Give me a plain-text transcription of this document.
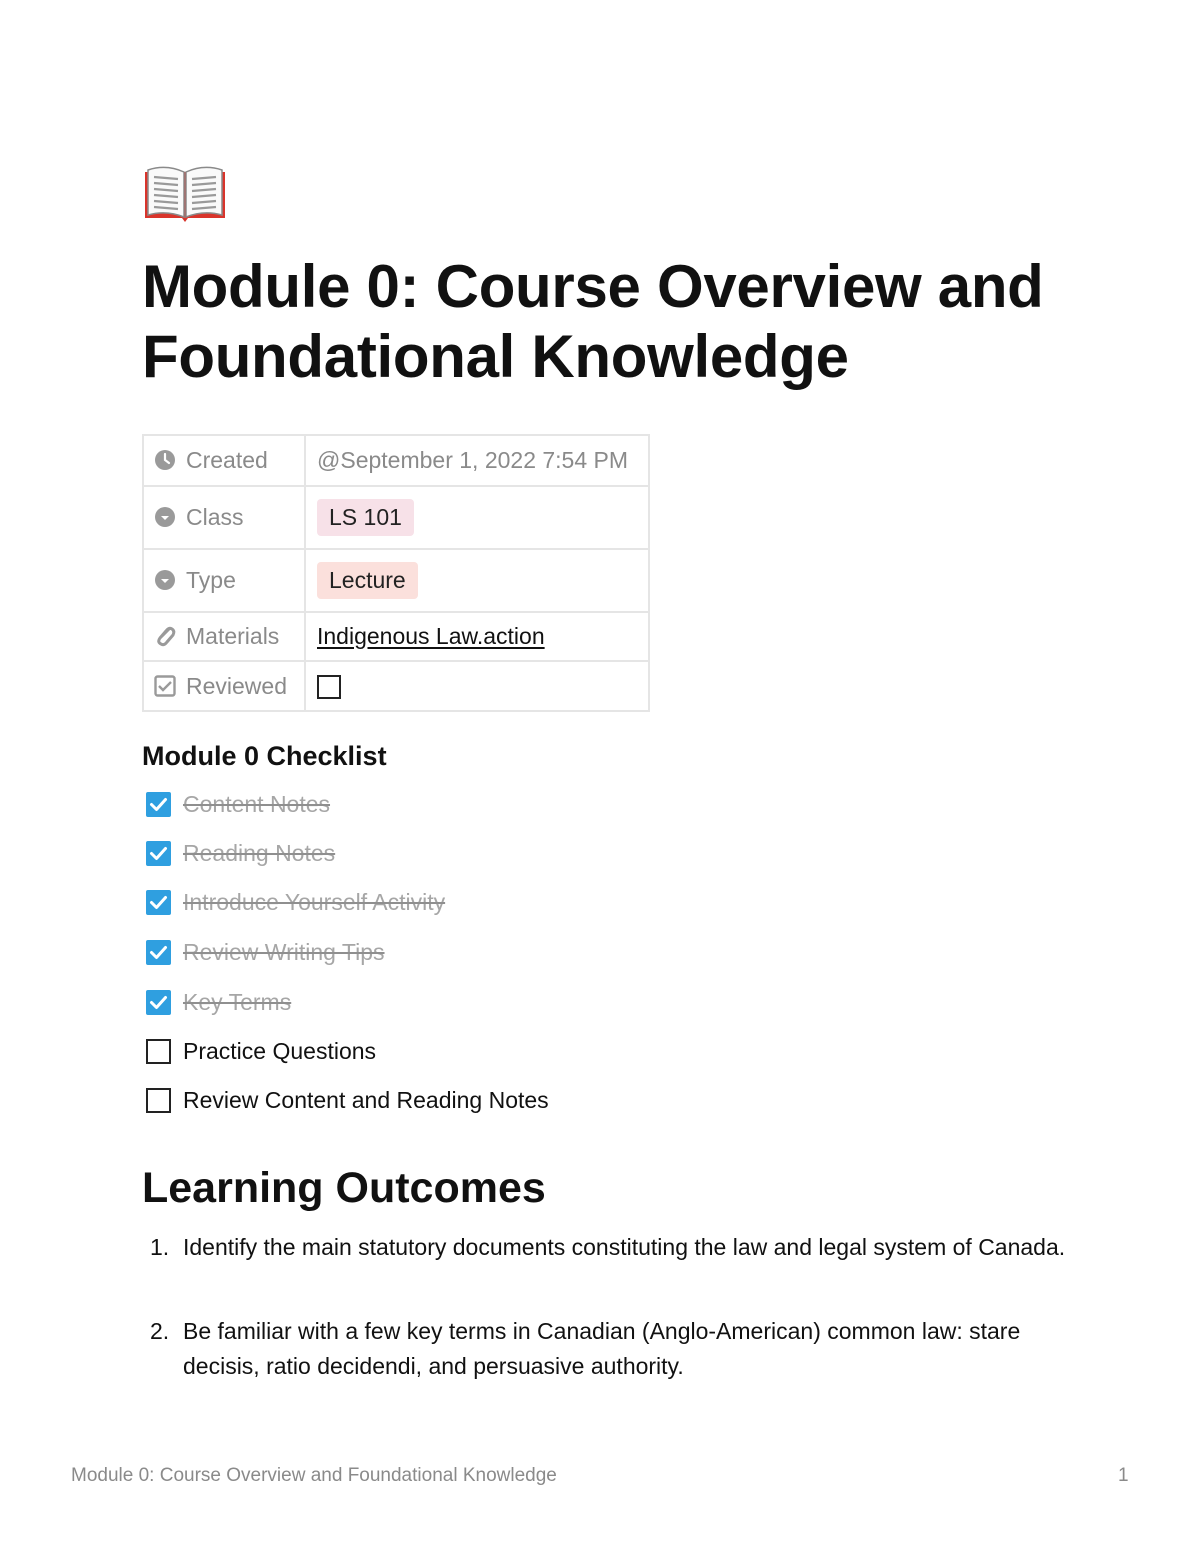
Module 0: Course Overview and Foundational Knowledge
Created	@September 1, 2022 7:54 PM
Class	LS 101
Type	Lecture
Materials	Indigenous Law.action
Reviewed	
Module 0 Checklist
Content Notes
Reading Notes
Introduce Yourself Activity
Review Writing Tips
Key Terms
Practice Questions
Review Content and Reading Notes
Learning Outcomes
1. Identify the main statutory documents constituting the law and legal system of Canada.
2. Be familiar with a few key terms in Canadian (Anglo-American) common law: stare decisis, ratio decidendi, and persuasive authority.
Module 0: Course Overview and Foundational Knowledge	1
